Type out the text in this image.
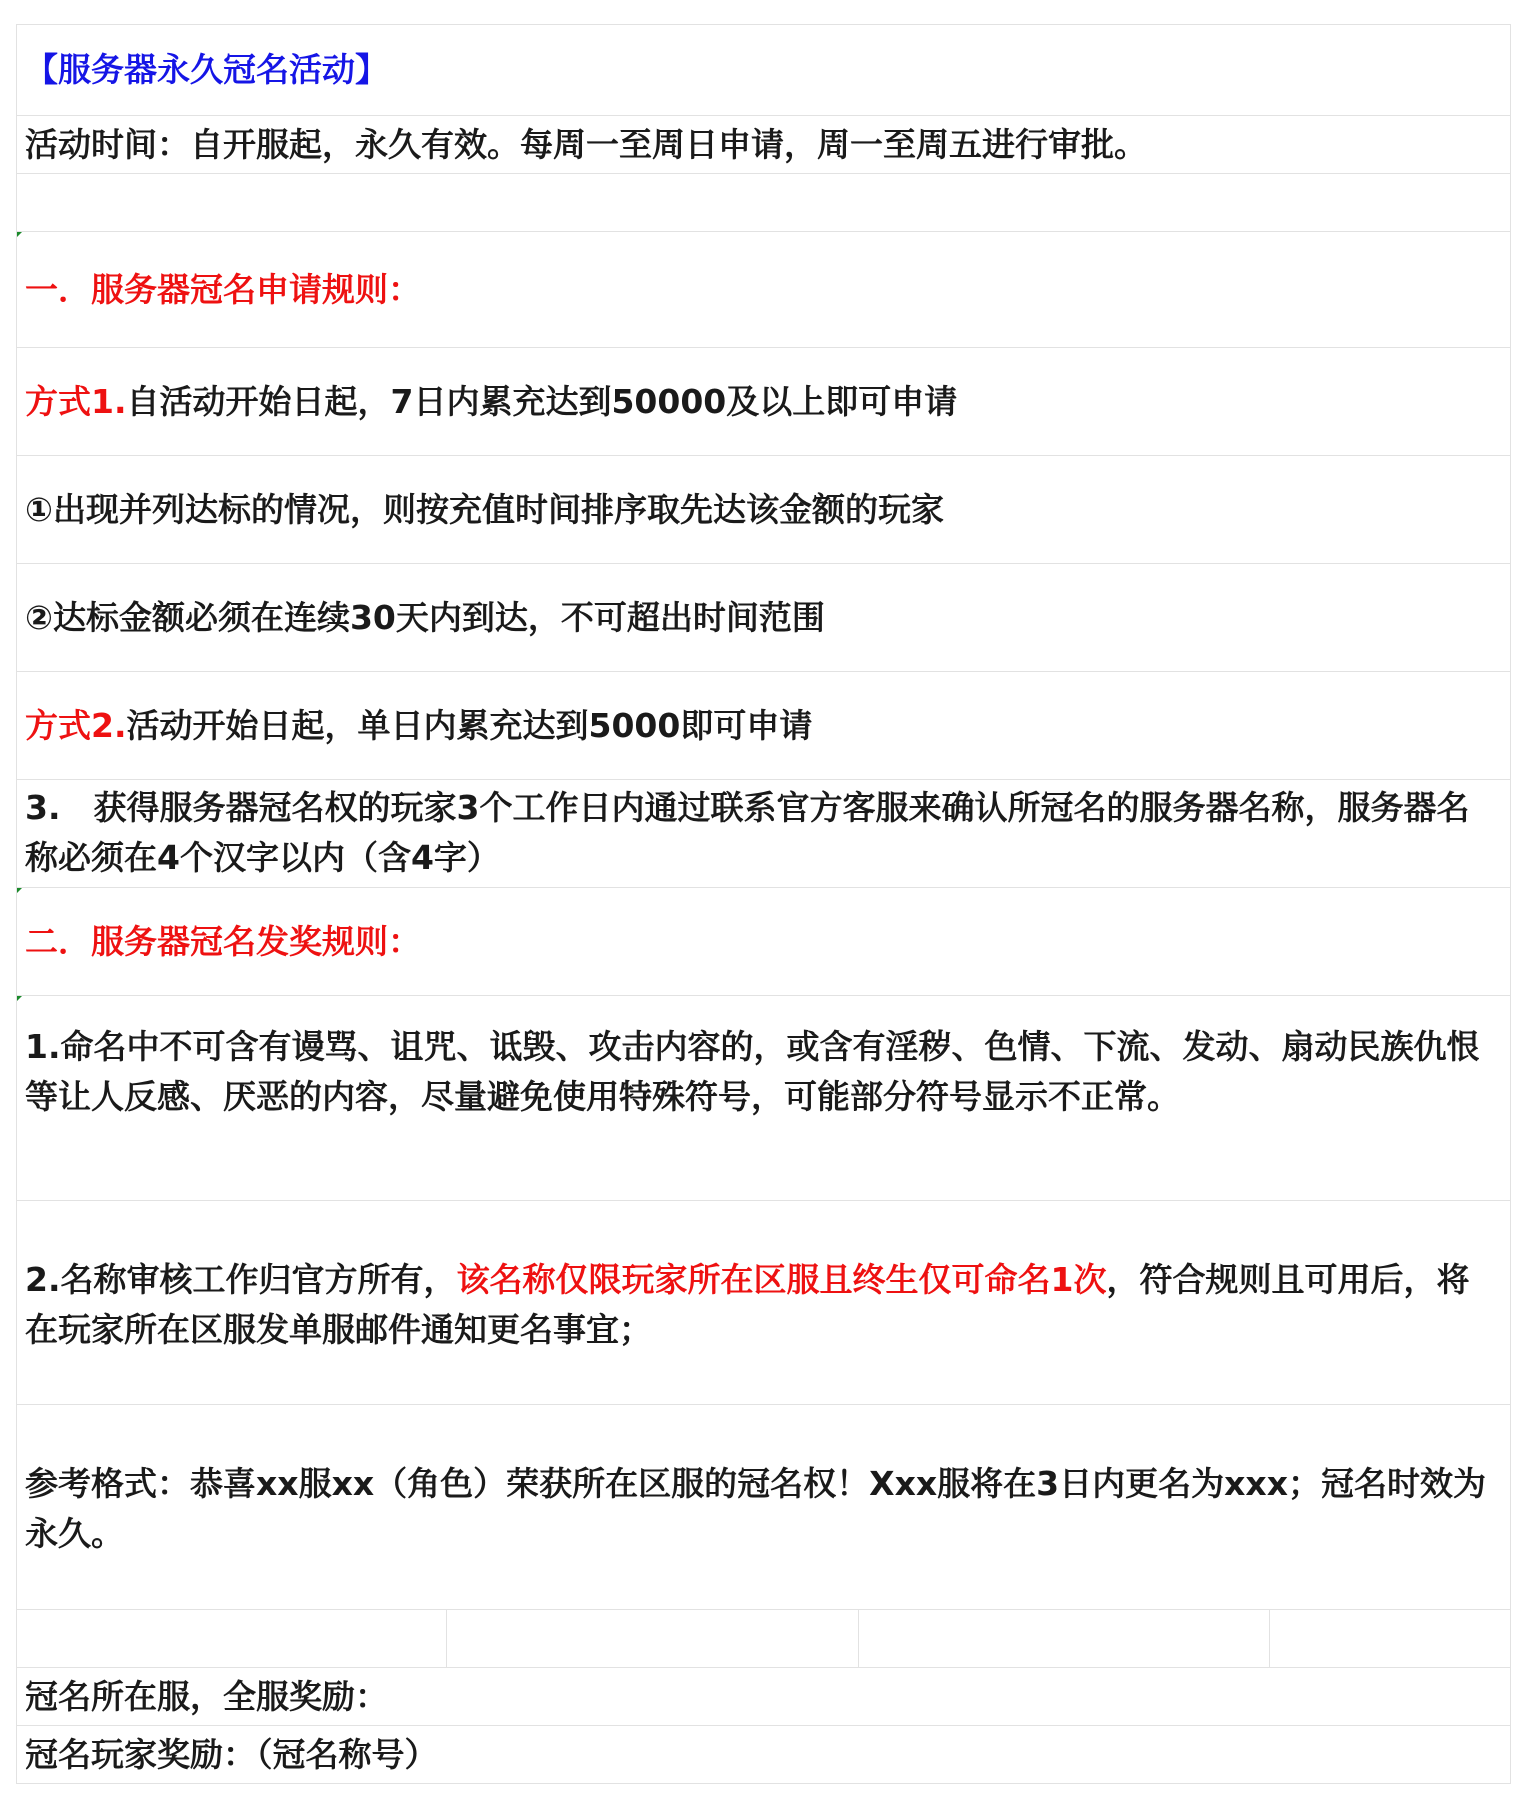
【服务器永久冠名活动】
活动时间：自开服起，永久有效。每周一至周日申请，周一至周五进行审批。
一．服务器冠名申请规则：
方式1. 自活动开始日起，7日内累充达到50000及以上即可申请
①出现并列达标的情况，则按充值时间排序取先达该金额的玩家
②达标金额必须在连续30天内到达，不可超出时间范围
方式2. 活动开始日起，单日内累充达到5000即可申请
3.　获得服务器冠名权的玩家3个工作日内通过联系官方客服来确认所冠名的服务器名称，服务器名称必须在4个汉字以内（含4字）
二．服务器冠名发奖规则：
1.命名中不可含有谩骂、诅咒、诋毁、攻击内容的，或含有淫秽、色情、下流、发动、扇动民族仇恨等让人反感、厌恶的内容，尽量避免使用特殊符号，可能部分符号显示不正常。
2.名称审核工作归官方所有，该名称仅限玩家所在区服且终生仅可命名1次，符合规则且可用后，将在玩家所在区服发单服邮件通知更名事宜；
参考格式：恭喜xx服xx（角色）荣获所在区服的冠名权！Xxx服将在3日内更名为xxx；冠名时效为永久。
冠名所在服，全服奖励：
冠名玩家奖励：（冠名称号）
